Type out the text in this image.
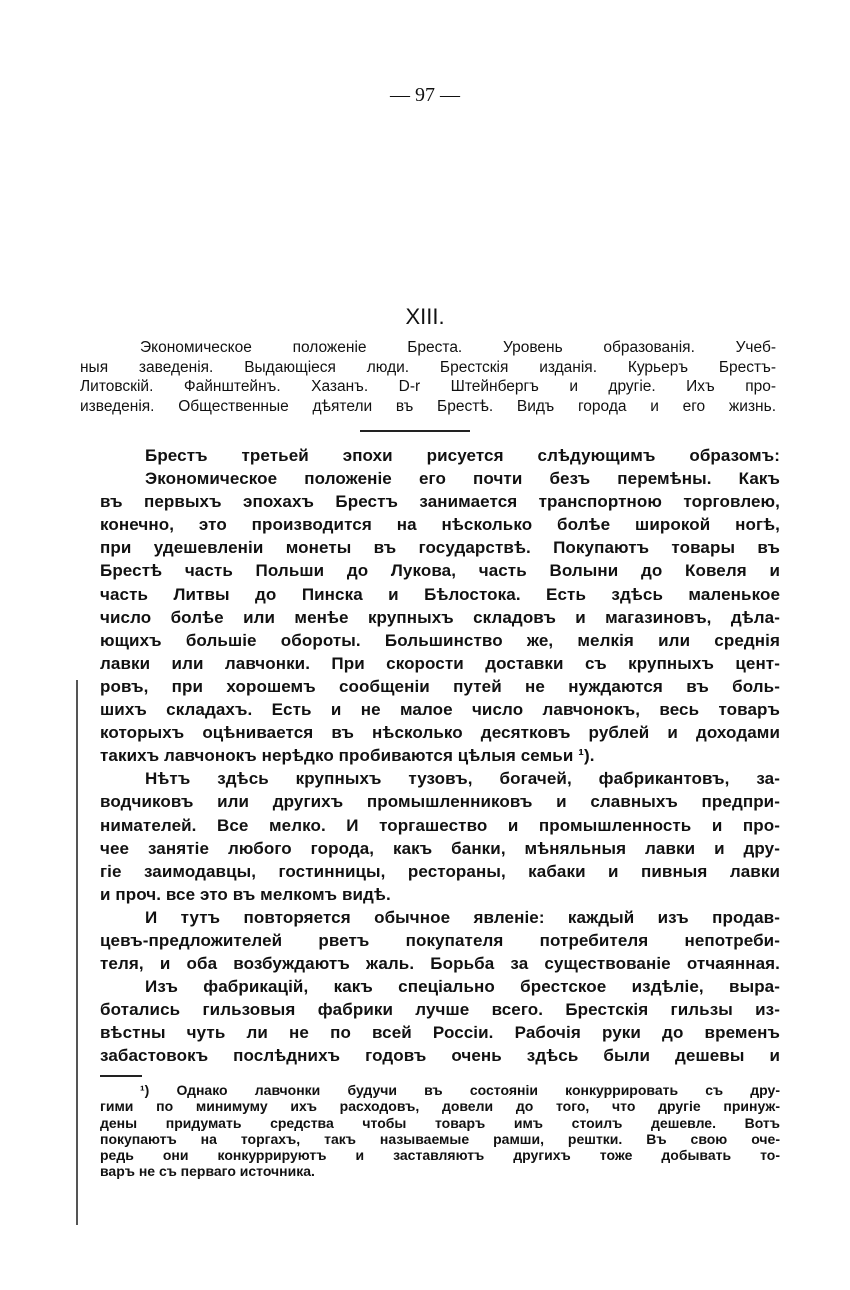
— 97 —
XIII.
Экономическое положеніе Бреста. Уровень образованія. Учеб-
ныя заведенія. Выдающіеся люди. Брестскія изданія. Курьеръ Брестъ-
Литовскій. Файнштейнъ. Хазанъ. D-r Штейнбергъ и другіе. Ихъ про-
изведенія. Общественные дѣятели въ Брестѣ. Видъ города и его жизнь.
Брестъ третьей эпохи рисуется слѣдующимъ образомъ:
Экономическое положеніе его почти безъ перемѣны. Какъ
въ первыхъ эпохахъ Брестъ занимается транспортною торговлею,
конечно, это производится на нѣсколько болѣе широкой ногѣ,
при удешевленіи монеты въ государствѣ. Покупаютъ товары въ
Брестѣ часть Польши до Лукова, часть Волыни до Ковеля и
часть Литвы до Пинска и Бѣлостока. Есть здѣсь маленькое
число болѣе или менѣе крупныхъ складовъ и магазиновъ, дѣла-
ющихъ большіе обороты. Большинство же, мелкія или среднія
лавки или лавчонки. При скорости доставки съ крупныхъ цент-
ровъ, при хорошемъ сообщеніи путей не нуждаются въ боль-
шихъ складахъ. Есть и не малое число лавчонокъ, весь товаръ
которыхъ оцѣнивается въ нѣсколько десятковъ рублей и доходами
такихъ лавчонокъ нерѣдко пробиваются цѣлыя семьи ¹).
Нѣтъ здѣсь крупныхъ тузовъ, богачей, фабрикантовъ, за-
водчиковъ или другихъ промышленниковъ и славныхъ предпри-
нимателей. Все мелко. И торгашество и промышленность и про-
чее занятіе любого города, какъ банки, мѣняльныя лавки и дру-
гіе заимодавцы, гостинницы, рестораны, кабаки и пивныя лавки
и проч. все это въ мелкомъ видѣ.
И тутъ повторяется обычное явленіе: каждый изъ продав-
цевъ-предложителей рветъ покупателя потребителя непотреби-
теля, и оба возбуждаютъ жаль. Борьба за существованіе отчаянная.
Изъ фабрикацій, какъ спеціально брестское издѣліе, выра-
ботались гильзовыя фабрики лучше всего. Брестскія гильзы из-
вѣстны чуть ли не по всей Россіи. Рабочія руки до временъ
забастовокъ послѣднихъ годовъ очень здѣсь были дешевы и
¹) Однако лавчонки будучи въ состояніи конкуррировать съ дру-
гими по минимуму ихъ расходовъ, довели до того, что другіе принуж-
дены придумать средства чтобы товаръ имъ стоилъ дешевле. Вотъ
покупаютъ на торгахъ, такъ называемые рамши, рештки. Въ свою оче-
редь они конкуррируютъ и заставляютъ другихъ тоже добывать то-
варъ не съ перваго источника.
